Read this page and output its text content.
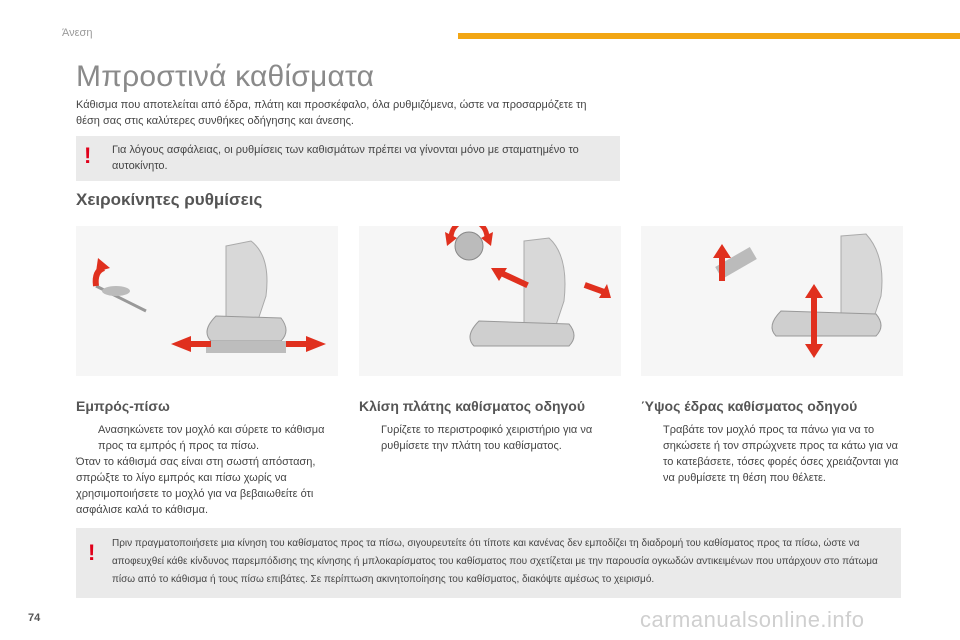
Άνεση
Μπροστινά καθίσματα
Κάθισμα που αποτελείται από έδρα, πλάτη και προσκέφαλο, όλα ρυθμιζόμενα, ώστε να προσαρμόζετε τη θέση σας στις καλύτερες συνθήκες οδήγησης και άνεσης.
! Για λόγους ασφάλειας, οι ρυθμίσεις των καθισμάτων πρέπει να γίνονται μόνο με σταματημένο το αυτοκίνητο.
Χειροκίνητες ρυθμίσεις
Εμπρός-πίσω
Ανασηκώνετε τον μοχλό και σύρετε το κάθισμα προς τα εμπρός ή προς τα πίσω.
Όταν το κάθισμά σας είναι στη σωστή απόσταση, σπρώξτε το λίγο εμπρός και πίσω χωρίς να χρησιμοποιήσετε το μοχλό για να βεβαιωθείτε ότι ασφάλισε καλά το κάθισμα.
Κλίση πλάτης καθίσματος οδηγού
Γυρίζετε το περιστροφικό χειριστήριο για να ρυθμίσετε την πλάτη του καθίσματος.
Ύψος έδρας καθίσματος οδηγού
Τραβάτε τον μοχλό προς τα πάνω για να το σηκώσετε ή τον σπρώχνετε προς τα κάτω για να το κατεβάσετε, τόσες φορές όσες χρειάζονται για να ρυθμίσετε τη θέση που θέλετε.
! Πριν πραγματοποιήσετε μια κίνηση του καθίσματος προς τα πίσω, σιγουρευτείτε ότι τίποτε και κανένας δεν εμποδίζει τη διαδρομή του καθίσματος προς τα πίσω, ώστε να αποφευχθεί κάθε κίνδυνος παρεμπόδισης της κίνησης ή μπλοκαρίσματος του καθίσματος που σχετίζεται με την παρουσία ογκωδών αντικειμένων που υπάρχουν στο πάτωμα πίσω από το κάθισμα ή τους πίσω επιβάτες. Σε περίπτωση ακινητοποίησης του καθίσματος, διακόψτε αμέσως το χειρισμό.
74	carmanualsonline.info
